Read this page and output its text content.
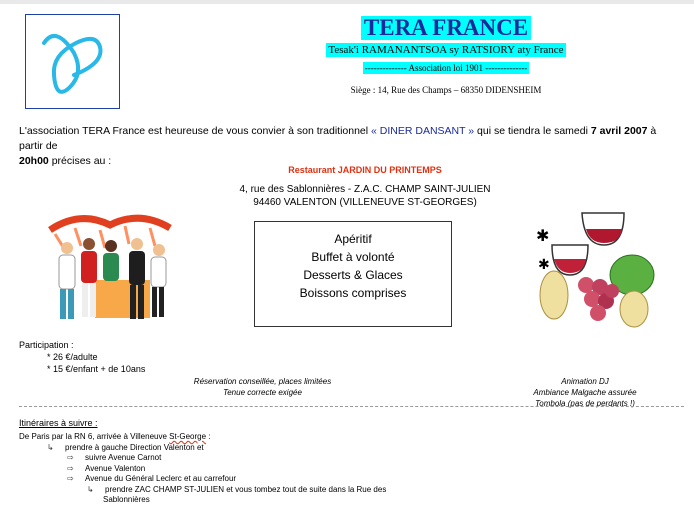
TERA FRANCE
Tesak'i RAMANANTSOA sy RATSIORY aty France
-------------- Association loi 1901 --------------
Siège : 14, Rue des Champs – 68350 DIDENSHEIM
L'association TERA France est heureuse de vous convier à son traditionnel « DINER DANSANT » qui se tiendra le samedi 7 avril 2007 à partir de
20h00 précises au :
Restaurant JARDIN DU PRINTEMPS
4, rue des Sablonnières - Z.A.C. CHAMP SAINT-JULIEN
94460 VALENTON (VILLENEUVE ST-GEORGES)
Apéritif
Buffet à volonté
Desserts & Glaces
Boissons comprises
✱
✱
Participation :
* 26 €/adulte
* 15 €/enfant + de 10ans
Réservation conseillée, places limitées
Tenue correcte exigée
Animation DJ
Ambiance Malgache assurée
Tombola (pas de perdants !)
Itinéraires à suivre :
De Paris par la RN 6, arrivée à Villeneuve St-George :
↳ prendre à gauche Direction Valenton et
⇨ suivre Avenue Carnot
⇨ Avenue Valenton
⇨ Avenue du Général Leclerc et au carrefour
↳ prendre ZAC CHAMP ST-JULIEN et vous tombez tout de suite dans la Rue des
Sablonnières
